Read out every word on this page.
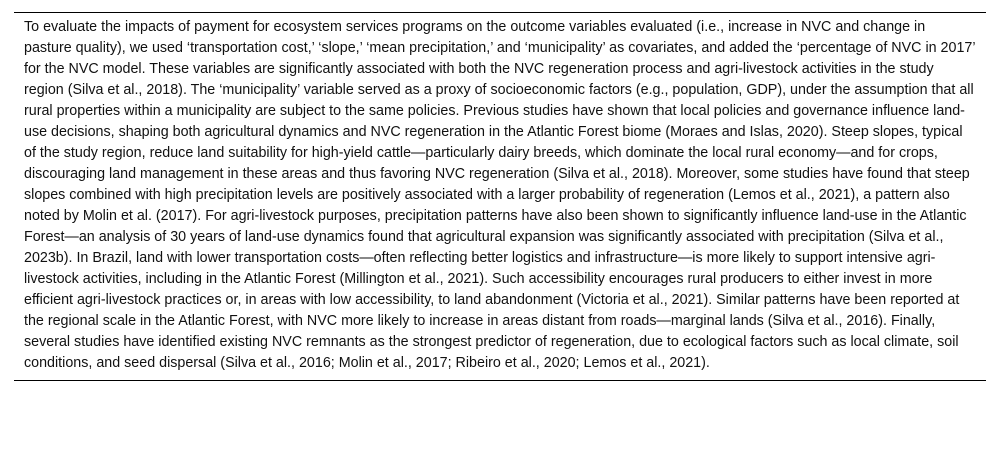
To evaluate the impacts of payment for ecosystem services programs on the outcome variables evaluated (i.e., increase in NVC and change in pasture quality), we used ‘transportation cost,’ ‘slope,’ ‘mean precipitation,’ and ‘municipality’ as covariates, and added the ‘percentage of NVC in 2017’ for the NVC model. These variables are significantly associated with both the NVC regeneration process and agri-livestock activities in the study region (Silva et al., 2018). The ‘municipality’ variable served as a proxy of socioeconomic factors (e.g., population, GDP), under the assumption that all rural properties within a municipality are subject to the same policies. Previous studies have shown that local policies and governance influence land-use decisions, shaping both agricultural dynamics and NVC regeneration in the Atlantic Forest biome (Moraes and Islas, 2020). Steep slopes, typical of the study region, reduce land suitability for high-yield cattle—particularly dairy breeds, which dominate the local rural economy—and for crops, discouraging land management in these areas and thus favoring NVC regeneration (Silva et al., 2018). Moreover, some studies have found that steep slopes combined with high precipitation levels are positively associated with a larger probability of regeneration (Lemos et al., 2021), a pattern also noted by Molin et al. (2017). For agri-livestock purposes, precipitation patterns have also been shown to significantly influence land-use in the Atlantic Forest—an analysis of 30 years of land-use dynamics found that agricultural expansion was significantly associated with precipitation (Silva et al., 2023b). In Brazil, land with lower transportation costs—often reflecting better logistics and infrastructure—is more likely to support intensive agri-livestock activities, including in the Atlantic Forest (Millington et al., 2021). Such accessibility encourages rural producers to either invest in more efficient agri-livestock practices or, in areas with low accessibility, to land abandonment (Victoria et al., 2021). Similar patterns have been reported at the regional scale in the Atlantic Forest, with NVC more likely to increase in areas distant from roads—marginal lands (Silva et al., 2016). Finally, several studies have identified existing NVC remnants as the strongest predictor of regeneration, due to ecological factors such as local climate, soil conditions, and seed dispersal (Silva et al., 2016; Molin et al., 2017; Ribeiro et al., 2020; Lemos et al., 2021).
